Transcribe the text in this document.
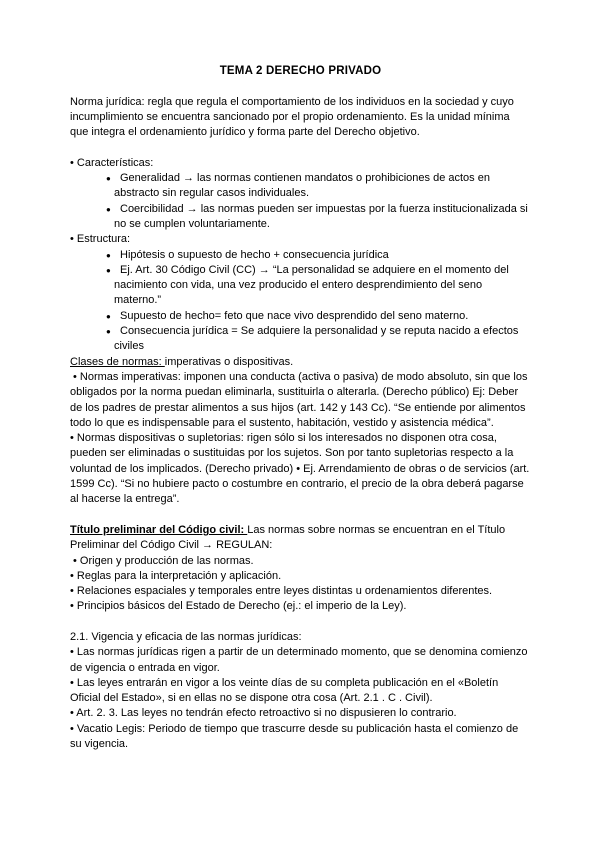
TEMA 2 DERECHO PRIVADO

Norma jurídica: regla que regula el comportamiento de los individuos en la sociedad y cuyo incumplimiento se encuentra sancionado por el propio ordenamiento. Es la unidad mínima que integra el ordenamiento jurídico y forma parte del Derecho objetivo.

• Características:

● Generalidad → las normas contienen mandatos o prohibiciones de actos en abstracto sin regular casos individuales.
● Coercibilidad → las normas pueden ser impuestas por la fuerza institucionalizada si no se cumplen voluntariamente.

• Estructura:

● Hipótesis o supuesto de hecho + consecuencia jurídica
● Ej. Art. 30 Código Civil (CC) → “La personalidad se adquiere en el momento del nacimiento con vida, una vez producido el entero desprendimiento del seno materno.”
● Supuesto de hecho= feto que nace vivo desprendido del seno materno.
● Consecuencia jurídica = Se adquiere la personalidad y se reputa nacido a efectos civiles

Clases de normas: imperativas o dispositivas.

• Normas imperativas: imponen una conducta (activa o pasiva) de modo absoluto, sin que los obligados por la norma puedan eliminarla, sustituirla o alterarla. (Derecho público) Ej: Deber de los padres de prestar alimentos a sus hijos (art. 142 y 143 Cc). “Se entiende por alimentos todo lo que es indispensable para el sustento, habitación, vestido y asistencia médica”.

• Normas dispositivas o supletorias: rigen sólo si los interesados no disponen otra cosa, pueden ser eliminadas o sustituidas por los sujetos. Son por tanto supletorias respecto a la voluntad de los implicados. (Derecho privado) • Ej. Arrendamiento de obras o de servicios (art. 1599 Cc). “Si no hubiere pacto o costumbre en contrario, el precio de la obra deberá pagarse al hacerse la entrega”.

Título preliminar del Código civil: Las normas sobre normas se encuentran en el Título Preliminar del Código Civil → REGULAN:

• Origen y producción de las normas.

• Reglas para la interpretación y aplicación.

• Relaciones espaciales y temporales entre leyes distintas u ordenamientos diferentes.

• Principios básicos del Estado de Derecho (ej.: el imperio de la Ley).

2.1. Vigencia y eficacia de las normas jurídicas:

• Las normas jurídicas rigen a partir de un determinado momento, que se denomina comienzo de vigencia o entrada en vigor.

• Las leyes entrarán en vigor a los veinte días de su completa publicación en el «Boletín Oficial del Estado», si en ellas no se dispone otra cosa (Art. 2.1 . C . Civil).

• Art. 2. 3. Las leyes no tendrán efecto retroactivo si no dispusieren lo contrario.

• Vacatio Legis: Periodo de tiempo que trascurre desde su publicación hasta el comienzo de su vigencia.
